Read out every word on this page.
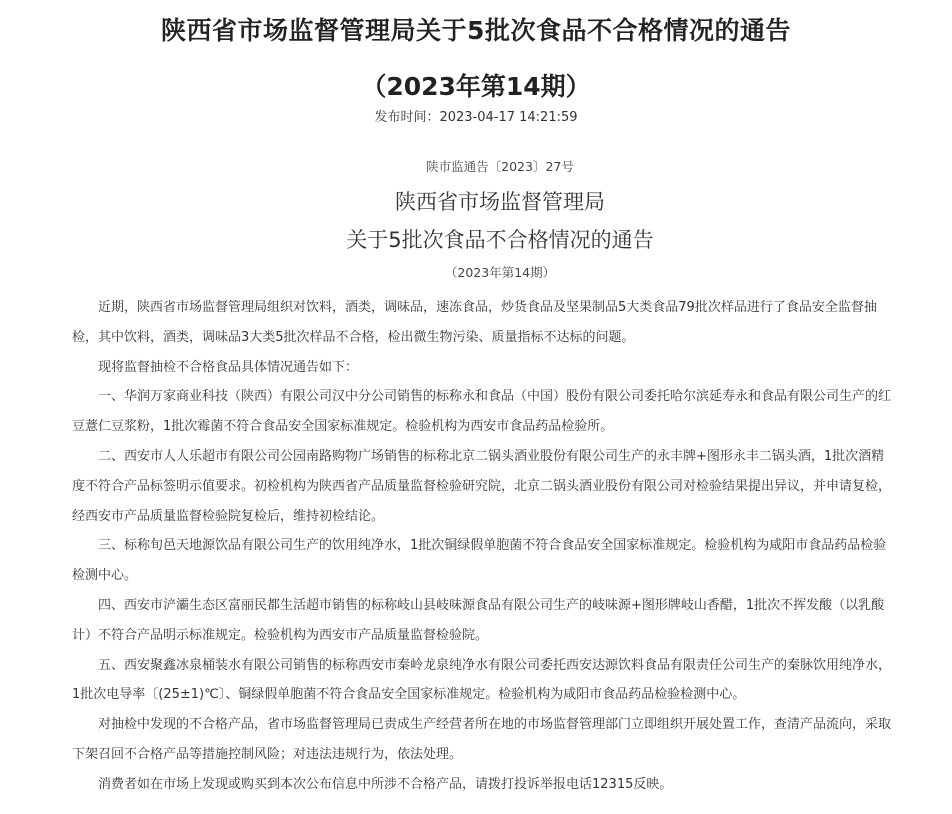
陕西省市场监督管理局关于5批次食品不合格情况的通告
（2023年第14期）
发布时间：2023-04-17 14:21:59
陕市监通告〔2023〕27号
陕西省市场监督管理局
关于5批次食品不合格情况的通告
（2023年第14期）

近期，陕西省市场监督管理局组织对饮料，酒类，调味品，速冻食品，炒货食品及坚果制品5大类食品79批次样品进行了食品安全监督抽检，其中饮料，酒类，调味品3大类5批次样品不合格，检出微生物污染、质量指标不达标的问题。

现将监督抽检不合格食品具体情况通告如下：

一、华润万家商业科技（陕西）有限公司汉中分公司销售的标称永和食品（中国）股份有限公司委托哈尔滨延寿永和食品有限公司生产的红豆薏仁豆浆粉，1批次霉菌不符合食品安全国家标准规定。检验机构为西安市食品药品检验所。

二、西安市人人乐超市有限公司公园南路购物广场销售的标称北京二锅头酒业股份有限公司生产的永丰牌+图形永丰二锅头酒，1批次酒精度不符合产品标签明示值要求。初检机构为陕西省产品质量监督检验研究院，北京二锅头酒业股份有限公司对检验结果提出异议，并申请复检，经西安市产品质量监督检验院复检后，维持初检结论。

三、标称旬邑天地源饮品有限公司生产的饮用纯净水，1批次铜绿假单胞菌不符合食品安全国家标准规定。检验机构为咸阳市食品药品检验检测中心。

四、西安市浐灞生态区富丽民都生活超市销售的标称岐山县岐味源食品有限公司生产的岐味源+图形牌岐山香醋，1批次不挥发酸（以乳酸计）不符合产品明示标准规定。检验机构为西安市产品质量监督检验院。

五、西安聚鑫冰泉桶装水有限公司销售的标称西安市秦岭龙泉纯净水有限公司委托西安达源饮料食品有限责任公司生产的秦脉饮用纯净水，1批次电导率〔(25±1)℃〕、铜绿假单胞菌不符合食品安全国家标准规定。检验机构为咸阳市食品药品检验检测中心。

对抽检中发现的不合格产品，省市场监督管理局已责成生产经营者所在地的市场监督管理部门立即组织开展处置工作，查清产品流向，采取下架召回不合格产品等措施控制风险；对违法违规行为，依法处理。

消费者如在市场上发现或购买到本次公布信息中所涉不合格产品，请拨打投诉举报电话12315反映。
